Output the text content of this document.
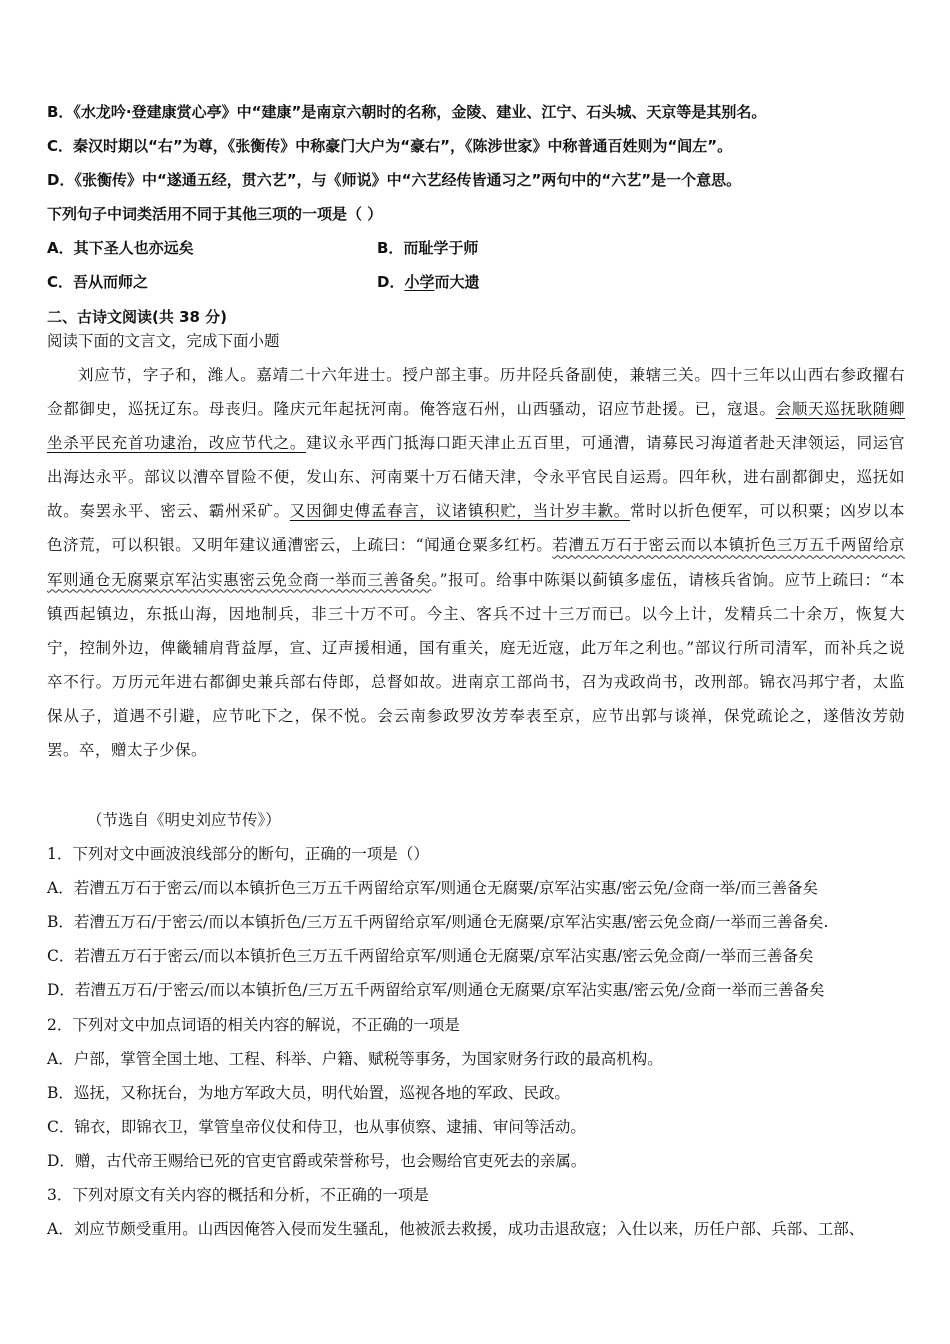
B．《水龙吟·登建康赏心亭》中“建康”是南京六朝时的名称，金陵、建业、江宁、石头城、天京等是其别名。
C．秦汉时期以“右”为尊，《张衡传》中称豪门大户为“豪右”，《陈涉世家》中称普通百姓则为“闾左”。
D．《张衡传》中“遂通五经，贯六艺”，与《师说》中“六艺经传皆通习之”两句中的“六艺”是一个意思。
下列句子中词类活用不同于其他三项的一项是（ ）
A．其下圣人也亦远矣	B．而耻学于师
C．吾从而师之	D．小学而大遗
二、古诗文阅读(共 38 分)
阅读下面的文言文，完成下面小题
刘应节，字子和，潍人。嘉靖二十六年进士。授户部主事。历井陉兵备副使，兼辖三关。四十三年以山西右参政擢右佥都御史，巡抚辽东。母丧归。隆庆元年起抚河南。俺答寇石州，山西骚动，诏应节赴援。已，寇退。会顺天巡抚耿随卿坐杀平民充首功逮治，改应节代之。建议永平西门抵海口距天津止五百里，可通漕，请募民习海道者赴天津领运，同运官出海达永平。部议以漕卒冒险不便，发山东、河南粟十万石储天津，令永平官民自运焉。四年秋，进右副都御史，巡抚如故。奏罢永平、密云、霸州采矿。又因御史傅孟春言，议诸镇积贮，当计岁丰歉。常时以折色便军，可以积粟；凶岁以本色济荒，可以积银。又明年建议通漕密云，上疏曰：“闻通仓粟多红朽。若漕五万石于密云而以本镇折色三万五千两留给京军则通仓无腐粟京军沾实惠密云免佥商一举而三善备矣。”报可。给事中陈渠以蓟镇多虚伍，请核兵省饷。应节上疏曰：“本镇西起镇边，东抵山海，因地制兵，非三十万不可。今主、客兵不过十三万而已。以今上计，发精兵二十余万，恢复大宁，控制外边，俾畿辅肩背益厚，宣、辽声援相通，国有重关，庭无近寇，此万年之利也。”部议行所司清军，而补兵之说卒不行。万历元年进右都御史兼兵部右侍郎，总督如故。进南京工部尚书，召为戎政尚书，改刑部。锦衣冯邦宁者，太监保从子，道遇不引避，应节叱下之，保不悦。会云南参政罗汝芳奉表至京，应节出郭与谈禅，保党疏论之，遂偕汝芳勍罢。卒，赠太子少保。
（节选自《明史刘应节传》）
1．下列对文中画波浪线部分的断句，正确的一项是（）
A．若漕五万石于密云/而以本镇折色三万五千两留给京军/则通仓无腐粟/京军沾实惠/密云免/佥商一举/而三善备矣
B．若漕五万石/于密云/而以本镇折色/三万五千两留给京军/则通仓无腐粟/京军沾实惠/密云免佥商/一举而三善备矣.
C．若漕五万石于密云/而以本镇折色三万五千两留给京军/则通仓无腐粟/京军沾实惠/密云免佥商/一举而三善备矣
D．若漕五万石/于密云/而以本镇折色/三万五千两留给京军/则通仓无腐粟/京军沾实惠/密云免/佥商一举而三善备矣
2．下列对文中加点词语的相关内容的解说，不正确的一项是
A．户部，掌管全国土地、工程、科举、户籍、赋税等事务，为国家财务行政的最高机构。
B．巡抚，又称抚台，为地方军政大员，明代始置，巡视各地的军政、民政。
C．锦衣，即锦衣卫，掌管皇帝仪仗和侍卫，也从事侦察、逮捕、审问等活动。
D．赠，古代帝王赐给已死的官吏官爵或荣誉称号，也会赐给官吏死去的亲属。
3．下列对原文有关内容的概括和分析，不正确的一项是
A．刘应节颇受重用。山西因俺答入侵而发生骚乱，他被派去救援，成功击退敌寇；入仕以来，历任户部、兵部、工部、
